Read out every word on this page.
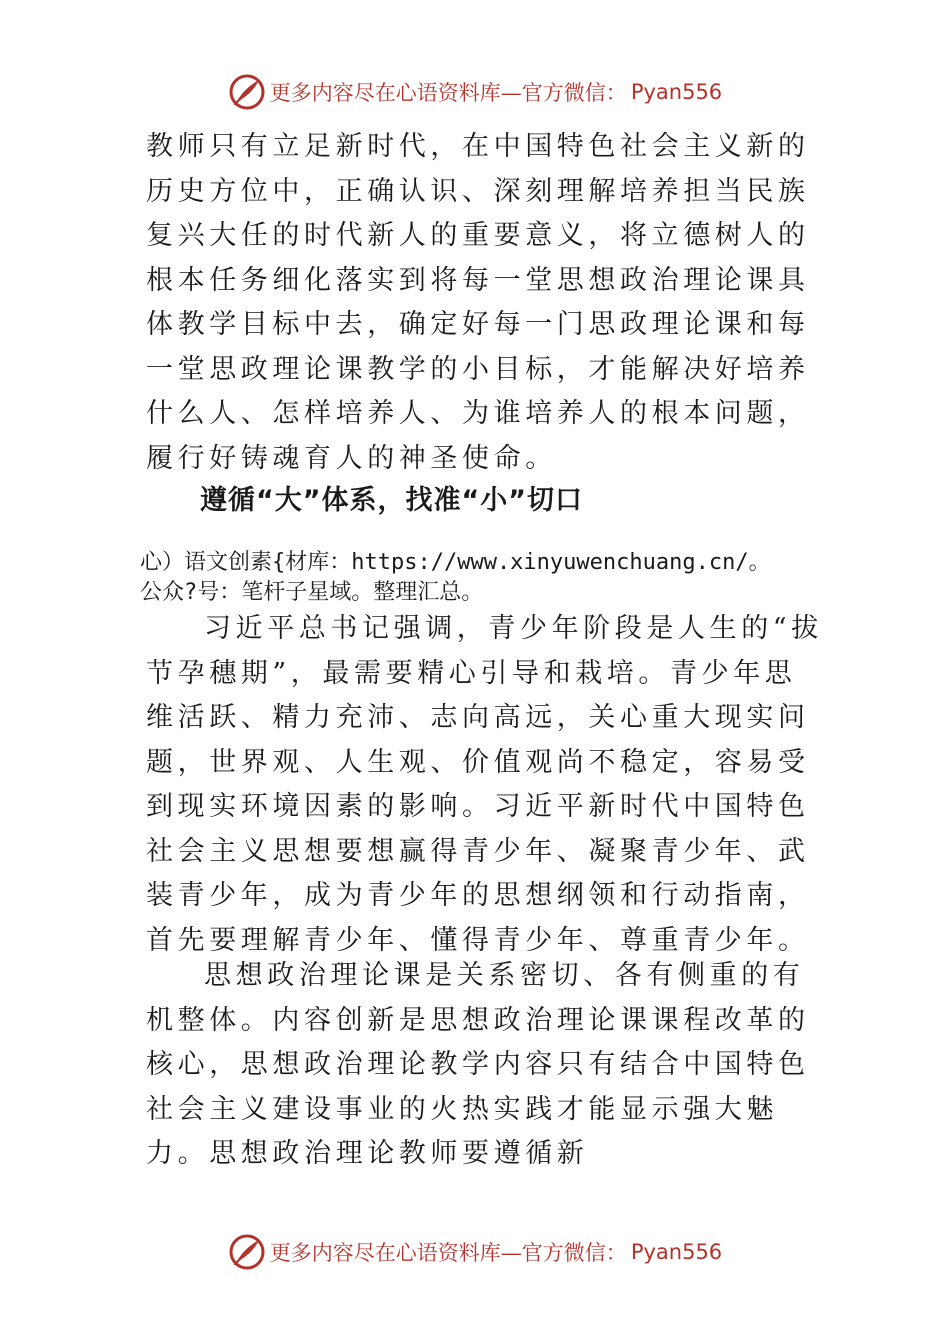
更多内容尽在心语资料库—官方微信： Pyan556

教师只有立足新时代，在中国特色社会主义新的历史方位中，正确认识、深刻理解培养担当民族复兴大任的时代新人的重要意义，将立德树人的根本任务细化落实到将每一堂思想政治理论课具体教学目标中去，确定好每一门思政理论课和每一堂思政理论课教学的小目标，才能解决好培养什么人、怎样培养人、为谁培养人的根本问题，履行好铸魂育人的神圣使命。

遵循“大”体系，找准“小”切口
心）语文创素{材库：https://www.xinyuwenchuang.cn/。
公众?号：笔杆子星域。整理汇总。

习近平总书记强调，青少年阶段是人生的“拔节孕穗期”，最需要精心引导和栽培。青少年思维活跃、精力充沛、志向高远，关心重大现实问题，世界观、人生观、价值观尚不稳定，容易受到现实环境因素的影响。习近平新时代中国特色社会主义思想要想赢得青少年、凝聚青少年、武装青少年，成为青少年的思想纲领和行动指南，首先要理解青少年、懂得青少年、尊重青少年。

思想政治理论课是关系密切、各有侧重的有机整体。内容创新是思想政治理论课课程改革的核心，思想政治理论教学内容只有结合中国特色社会主义建设事业的火热实践才能显示强大魅力。思想政治理论教师要遵循新

更多内容尽在心语资料库—官方微信： Pyan556
